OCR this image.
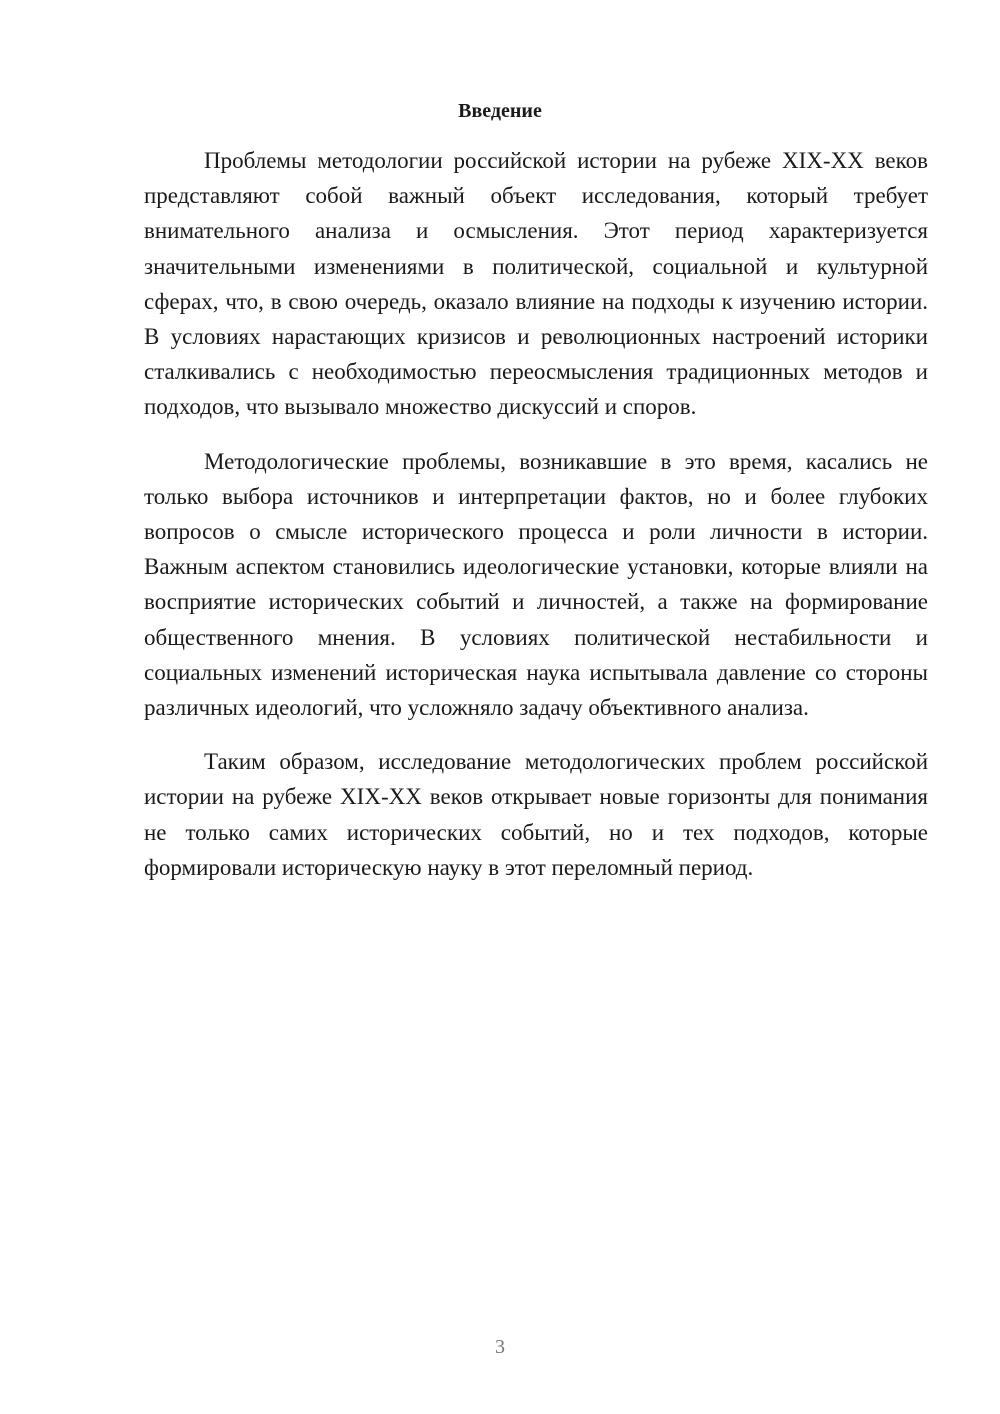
Введение

Проблемы методологии российской истории на рубеже XIX-XX веков представляют собой важный объект исследования, который требует внимательного анализа и осмысления. Этот период характеризуется значительными изменениями в политической, социальной и культурной сферах, что, в свою очередь, оказало влияние на подходы к изучению истории. В условиях нарастающих кризисов и революционных настроений историки сталкивались с необходимостью переосмысления традиционных методов и подходов, что вызывало множество дискуссий и споров.

Методологические проблемы, возникавшие в это время, касались не только выбора источников и интерпретации фактов, но и более глубоких вопросов о смысле исторического процесса и роли личности в истории. Важным аспектом становились идеологические установки, которые влияли на восприятие исторических событий и личностей, а также на формирование общественного мнения. В условиях политической нестабильности и социальных изменений историческая наука испытывала давление со стороны различных идеологий, что усложняло задачу объективного анализа.

Таким образом, исследование методологических проблем российской истории на рубеже XIX-XX веков открывает новые горизонты для понимания не только самих исторических событий, но и тех подходов, которые формировали историческую науку в этот переломный период.

3
